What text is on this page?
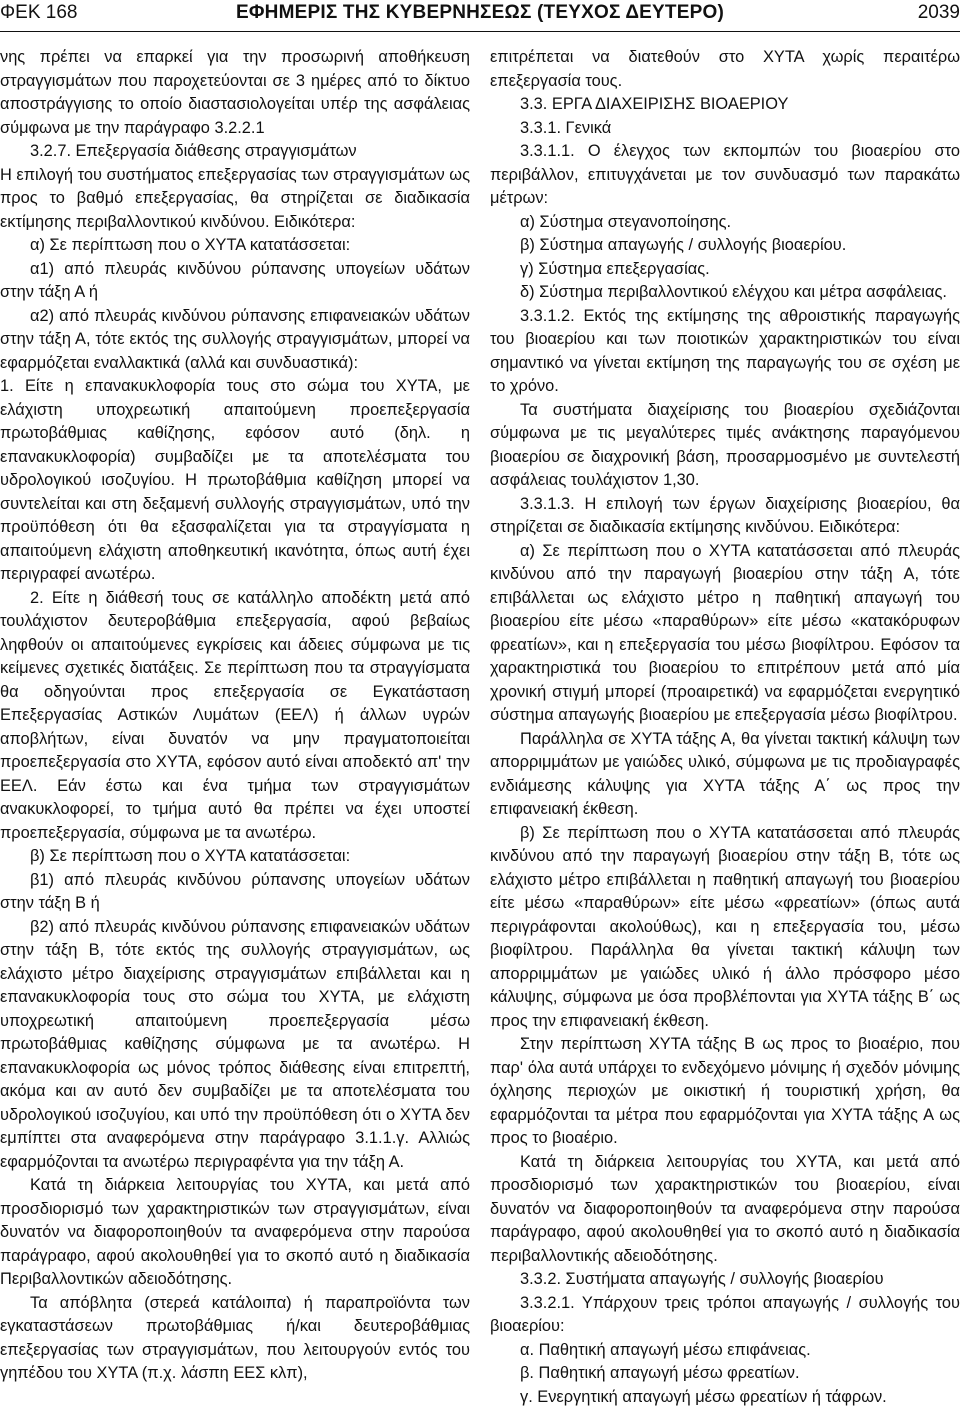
ΕΦΗΜΕΡΙΣ ΤΗΣ ΚΥΒΕΡΝΗΣΕΩΣ (ΤΕΥΧΟΣ ΔΕΥΤΕΡΟ)
ΦΕΚ 168	2039

νης πρέπει να επαρκεί για την προσωρινή αποθήκευση στραγγισμάτων που παροχετεύονται σε 3 ημέρες από το δίκτυο αποστράγγισης το οποίο διαστασιολογείται υπέρ της ασφάλειας σύμφωνα με την παράγραφο 3.2.2.1

3.2.7. Επεξεργασία διάθεσης στραγγισμάτων

Η επιλογή του συστήματος επεξεργασίας των στραγγισμάτων ως προς το βαθμό επεξεργασίας, θα στηρίζεται σε διαδικασία εκτίμησης περιβαλλοντικού κινδύνου. Ειδικότερα:

α) Σε περίπτωση που ο ΧΥΤΑ κατατάσσεται:

α1) από πλευράς κινδύνου ρύπανσης υπογείων υδάτων στην τάξη Α ή

α2) από πλευράς κινδύνου ρύπανσης επιφανειακών υδάτων στην τάξη Α, τότε εκτός της συλλογής στραγγισμάτων, μπορεί να εφαρμόζεται εναλλακτικά (αλλά και συνδυαστικά):

1. Είτε η επανακυκλοφορία τους στο σώμα του ΧΥΤΑ, με ελάχιστη υποχρεωτική απαιτούμενη προεπεξεργασία πρωτοβάθμιας καθίζησης, εφόσον αυτό (δηλ. η επανακυκλοφορία) συμβαδίζει με τα αποτελέσματα του υδρολογικού ισοζυγίου. Η πρωτοβάθμια καθίζηση μπορεί να συντελείται και στη δεξαμενή συλλογής στραγγισμάτων, υπό την προϋπόθεση ότι θα εξασφαλίζεται για τα στραγγίσματα η απαιτούμενη ελάχιστη αποθηκευτική ικανότητα, όπως αυτή έχει περιγραφεί ανωτέρω.

2. Είτε η διάθεσή τους σε κατάλληλο αποδέκτη μετά από τουλάχιστον δευτεροβάθμια επεξεργασία, αφού βεβαίως ληφθούν οι απαιτούμενες εγκρίσεις και άδειες σύμφωνα με τις κείμενες σχετικές διατάξεις. Σε περίπτωση που τα στραγγίσματα θα οδηγούνται προς επεξεργασία σε Εγκατάσταση Επεξεργασίας Αστικών Λυμάτων (ΕΕΛ) ή άλλων υγρών αποβλήτων, είναι δυνατόν να μην πραγματοποιείται προεπεξεργασία στο ΧΥΤΑ, εφόσον αυτό είναι αποδεκτό απ' την ΕΕΛ. Εάν έστω και ένα τμήμα των στραγγισμάτων ανακυκλοφορεί, το τμήμα αυτό θα πρέπει να έχει υποστεί προεπεξεργασία, σύμφωνα με τα ανωτέρω.

β) Σε περίπτωση που ο ΧΥΤΑ κατατάσσεται:

β1) από πλευράς κινδύνου ρύπανσης υπογείων υδάτων στην τάξη Β ή

β2) από πλευράς κινδύνου ρύπανσης επιφανειακών υδάτων στην τάξη Β, τότε εκτός της συλλογής στραγγισμάτων, ως ελάχιστο μέτρο διαχείρισης στραγγισμάτων επιβάλλεται και η επανακυκλοφορία τους στο σώμα του ΧΥΤΑ, με ελάχιστη υποχρεωτική απαιτούμενη προεπεξεργασία μέσω πρωτοβάθμιας καθίζησης σύμφωνα με τα ανωτέρω. Η επανακυκλοφορία ως μόνος τρόπος διάθεσης είναι επιτρεπτή, ακόμα και αν αυτό δεν συμβαδίζει με τα αποτελέσματα του υδρολογικού ισοζυγίου, και υπό την προϋπόθεση ότι ο ΧΥΤΑ δεν εμπίπτει στα αναφερόμενα στην παράγραφο 3.1.1.γ. Αλλιώς εφαρμόζονται τα ανωτέρω περιγραφέντα για την τάξη Α.

Κατά τη διάρκεια λειτουργίας του ΧΥΤΑ, και μετά από προσδιορισμό των χαρακτηριστικών των στραγγισμάτων, είναι δυνατόν να διαφοροποιηθούν τα αναφερόμενα στην παρούσα παράγραφο, αφού ακολουθηθεί για το σκοπό αυτό η διαδικασία Περιβαλλοντικών αδειοδότησης.

Τα απόβλητα (στερεά κατάλοιπα) ή παραπροϊόντα των εγκαταστάσεων πρωτοβάθμιας ή/και δευτεροβάθμιας επεξεργασίας των στραγγισμάτων, που λειτουργούν εντός του γηπέδου του ΧΥΤΑ (π.χ. λάσπη ΕΕΣ κλπ),

επιτρέπεται να διατεθούν στο ΧΥΤΑ χωρίς περαιτέρω επεξεργασία τους.

3.3. ΕΡΓΑ ΔΙΑΧΕΙΡΙΣΗΣ ΒΙΟΑΕΡΙΟΥ

3.3.1. Γενικά

3.3.1.1. Ο έλεγχος των εκπομπών του βιοαερίου στο περιβάλλον, επιτυγχάνεται με τον συνδυασμό των παρακάτω μέτρων:

α) Σύστημα στεγανοποίησης.

β) Σύστημα απαγωγής / συλλογής βιοαερίου.

γ) Σύστημα επεξεργασίας.

δ) Σύστημα περιβαλλοντικού ελέγχου και μέτρα ασφάλειας.

3.3.1.2. Εκτός της εκτίμησης της αθροιστικής παραγωγής του βιοαερίου και των ποιοτικών χαρακτηριστικών του είναι σημαντικό να γίνεται εκτίμηση της παραγωγής του σε σχέση με το χρόνο.

Τα συστήματα διαχείρισης του βιοαερίου σχεδιάζονται σύμφωνα με τις μεγαλύτερες τιμές ανάκτησης παραγόμενου βιοαερίου σε διαχρονική βάση, προσαρμοσμένο με συντελεστή ασφάλειας τουλάχιστον 1,30.

3.3.1.3. Η επιλογή των έργων διαχείρισης βιοαερίου, θα στηρίζεται σε διαδικασία εκτίμησης κινδύνου. Ειδικότερα:

α) Σε περίπτωση που ο ΧΥΤΑ κατατάσσεται από πλευράς κινδύνου από την παραγωγή βιοαερίου στην τάξη Α, τότε επιβάλλεται ως ελάχιστο μέτρο η παθητική απαγωγή του βιοαερίου είτε μέσω «παραθύρων» είτε μέσω «κατακόρυφων φρεατίων», και η επεξεργασία του μέσω βιοφίλτρου. Εφόσον τα χαρακτηριστικά του βιοαερίου το επιτρέπουν μετά από μία χρονική στιγμή μπορεί (προαιρετικά) να εφαρμόζεται ενεργητικό σύστημα απαγωγής βιοαερίου με επεξεργασία μέσω βιοφίλτρου.

Παράλληλα σε ΧΥΤΑ τάξης Α, θα γίνεται τακτική κάλυψη των απορριμμάτων με γαιώδες υλικό, σύμφωνα με τις προδιαγραφές ενδιάμεσης κάλυψης για ΧΥΤΑ τάξης Α΄ ως προς την επιφανειακή έκθεση.

β) Σε περίπτωση που ο ΧΥΤΑ κατατάσσεται από πλευράς κινδύνου από την παραγωγή βιοαερίου στην τάξη Β, τότε ως ελάχιστο μέτρο επιβάλλεται η παθητική απαγωγή του βιοαερίου είτε μέσω «παραθύρων» είτε μέσω «φρεατίων» (όπως αυτά περιγράφονται ακολούθως), και η επεξεργασία του, μέσω βιοφίλτρου. Παράλληλα θα γίνεται τακτική κάλυψη των απορριμμάτων με γαιώδες υλικό ή άλλο πρόσφορο μέσο κάλυψης, σύμφωνα με όσα προβλέπονται για ΧΥΤΑ τάξης Β΄ ως προς την επιφανειακή έκθεση.

Στην περίπτωση ΧΥΤΑ τάξης Β ως προς το βιοαέριο, που παρ' όλα αυτά υπάρχει το ενδεχόμενο μόνιμης ή σχεδόν μόνιμης όχλησης περιοχών με οικιστική ή τουριστική χρήση, θα εφαρμόζονται τα μέτρα που εφαρμόζονται για ΧΥΤΑ τάξης Α ως προς το βιοαέριο.

Κατά τη διάρκεια λειτουργίας του ΧΥΤΑ, και μετά από προσδιορισμό των χαρακτηριστικών του βιοαερίου, είναι δυνατόν να διαφοροποιηθούν τα αναφερόμενα στην παρούσα παράγραφο, αφού ακολουθηθεί για το σκοπό αυτό η διαδικασία περιβαλλοντικής αδειοδότησης.

3.3.2. Συστήματα απαγωγής / συλλογής βιοαερίου

3.3.2.1. Υπάρχουν τρεις τρόποι απαγωγής / συλλογής του βιοαερίου:

α. Παθητική απαγωγή μέσω επιφάνειας.

β. Παθητική απαγωγή μέσω φρεατίων.

γ. Ενεργητική απαγωγή μέσω φρεατίων ή τάφρων.
